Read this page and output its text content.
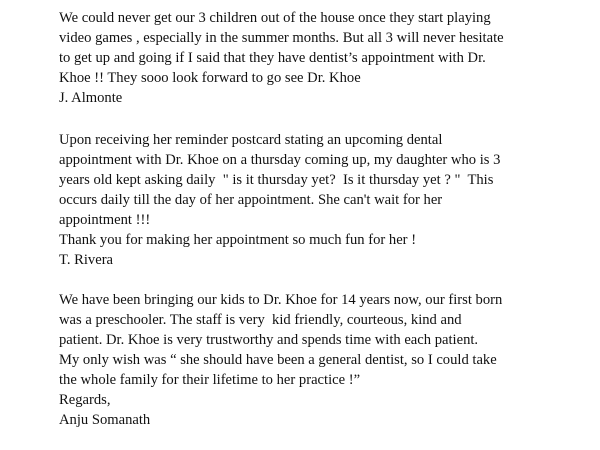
We could never get our 3 children out of the house once they start playing

video games , especially in the summer months. But all 3 will never hesitate

to get up and going if I said that they have dentist’s appointment with Dr.

Khoe !! They sooo look forward to go see Dr. Khoe

J. Almonte

Upon receiving her reminder postcard stating an upcoming dental

appointment with Dr. Khoe on a thursday coming up, my daughter who is 3

years old kept asking daily  " is it thursday yet?  Is it thursday yet ? "  This

occurs daily till the day of her appointment. She can't wait for her

appointment !!!

Thank you for making her appointment so much fun for her !

T. Rivera

We have been bringing our kids to Dr. Khoe for 14 years now, our first born

was a preschooler. The staff is very  kid friendly, courteous, kind and

patient. Dr. Khoe is very trustworthy and spends time with each patient.

My only wish was “ she should have been a general dentist, so I could take

the whole family for their lifetime to her practice !”

Regards,

Anju Somanath
